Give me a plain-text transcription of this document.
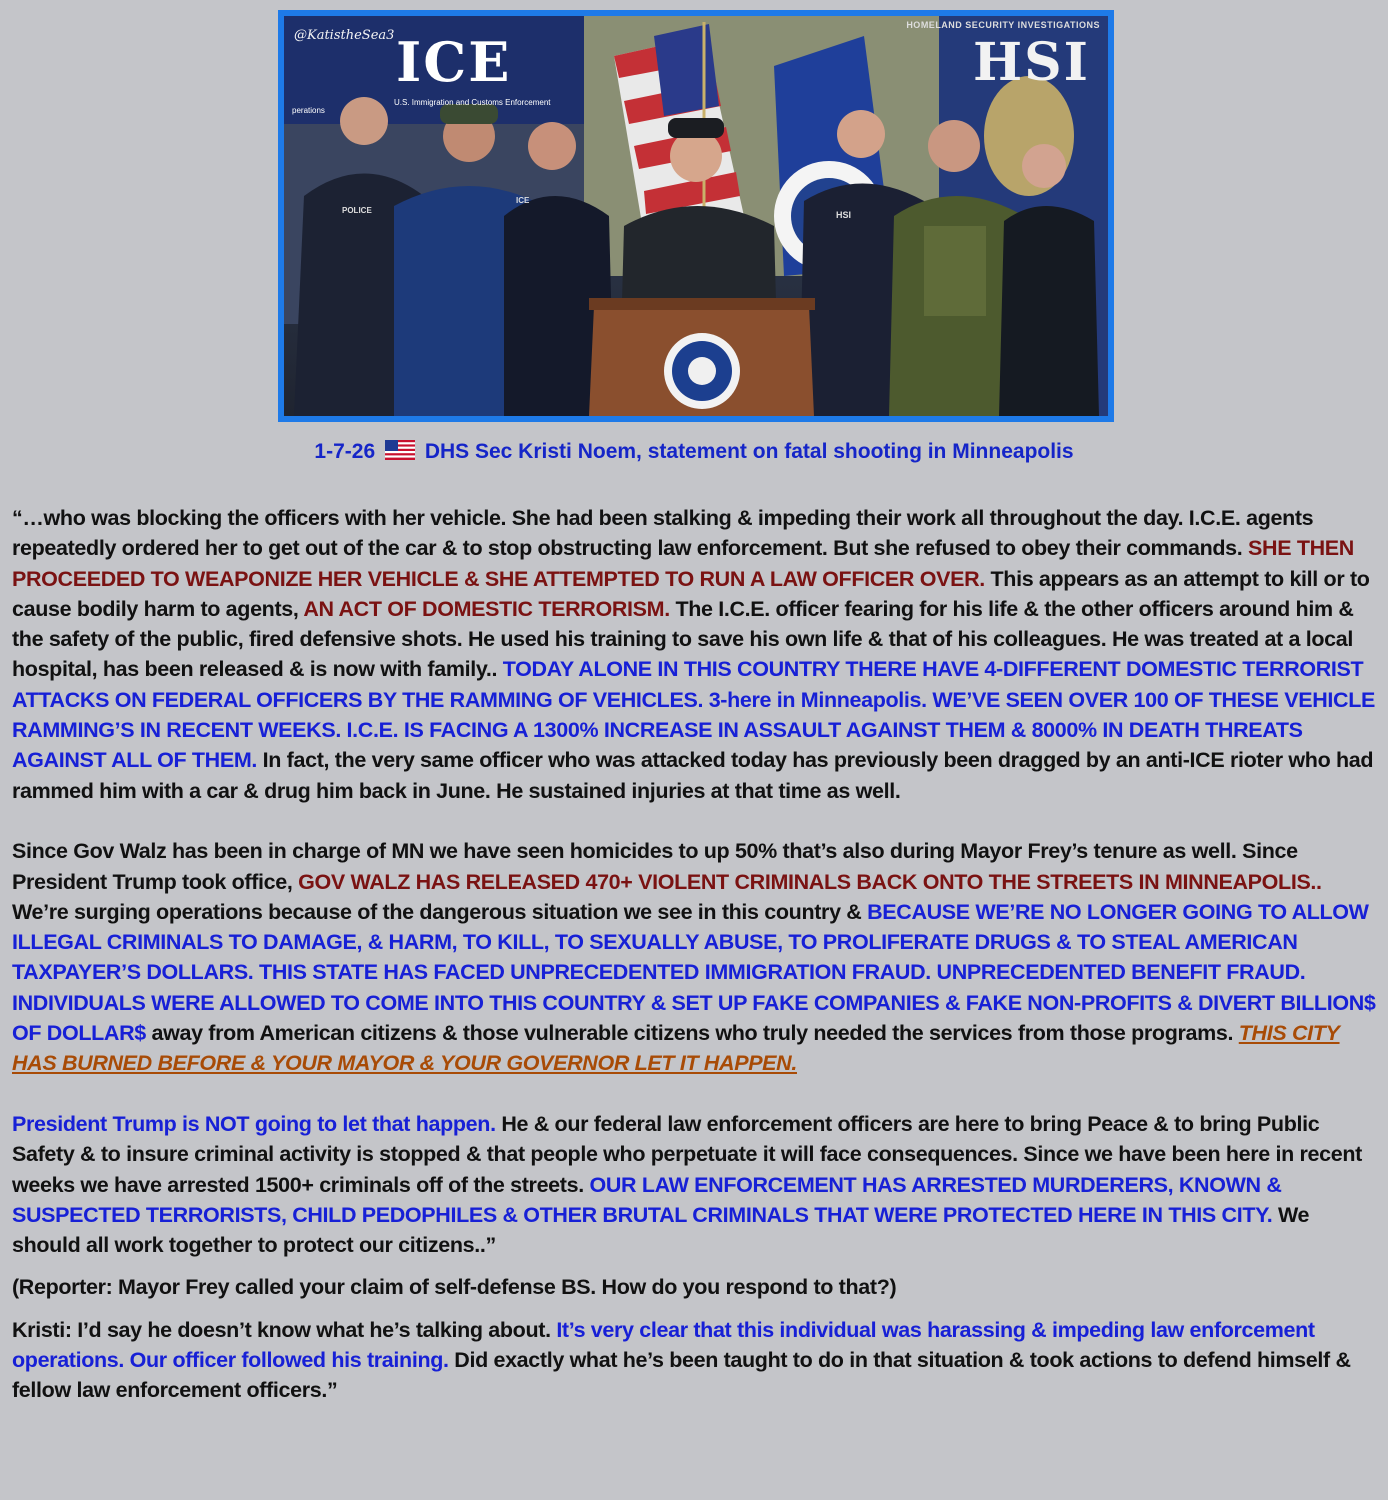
ICE
U.S. Immigration and Customs Enforcement
perations
HOMELAND SECURITY INVESTIGATIONS
HSI
@KatistheSea3
POLICE
ICE
HSI
1-7-26 DHS Sec Kristi Noem, statement on fatal shooting in Minneapolis

“…who was blocking the officers with her vehicle. She had been stalking & impeding their work all throughout the day. I.C.E. agents repeatedly ordered her to get out of the car & to stop obstructing law enforcement. But she refused to obey their commands. SHE THEN PROCEEDED TO WEAPONIZE HER VEHICLE & SHE ATTEMPTED TO RUN A LAW OFFICER OVER. This appears as an attempt to kill or to cause bodily harm to agents, AN ACT OF DOMESTIC TERRORISM. The I.C.E. officer fearing for his life & the other officers around him & the safety of the public, fired defensive shots. He used his training to save his own life & that of his colleagues. He was treated at a local hospital, has been released & is now with family.. TODAY ALONE IN THIS COUNTRY THERE HAVE 4-DIFFERENT DOMESTIC TERRORIST ATTACKS ON FEDERAL OFFICERS BY THE RAMMING OF VEHICLES. 3-here in Minneapolis. WE’VE SEEN OVER 100 OF THESE VEHICLE RAMMING’S IN RECENT WEEKS. I.C.E. IS FACING A 1300% INCREASE IN ASSAULT AGAINST THEM & 8000% IN DEATH THREATS AGAINST ALL OF THEM. In fact, the very same officer who was attacked today has previously been dragged by an anti-ICE rioter who had rammed him with a car & drug him back in June. He sustained injuries at that time as well.

Since Gov Walz has been in charge of MN we have seen homicides to up 50% that’s also during Mayor Frey’s tenure as well. Since President Trump took office, GOV WALZ HAS RELEASED 470+ VIOLENT CRIMINALS BACK ONTO THE STREETS IN MINNEAPOLIS.. We’re surging operations because of the dangerous situation we see in this country & BECAUSE WE’RE NO LONGER GOING TO ALLOW ILLEGAL CRIMINALS TO DAMAGE, & HARM, TO KILL, TO SEXUALLY ABUSE, TO PROLIFERATE DRUGS & TO STEAL AMERICAN TAXPAYER’S DOLLARS. THIS STATE HAS FACED UNPRECEDENTED IMMIGRATION FRAUD. UNPRECEDENTED BENEFIT FRAUD. INDIVIDUALS WERE ALLOWED TO COME INTO THIS COUNTRY & SET UP FAKE COMPANIES & FAKE NON-PROFITS & DIVERT BILLION$ OF DOLLAR$ away from American citizens & those vulnerable citizens who truly needed the services from those programs. THIS CITY HAS BURNED BEFORE & YOUR MAYOR & YOUR GOVERNOR LET IT HAPPEN.

President Trump is NOT going to let that happen. He & our federal law enforcement officers are here to bring Peace & to bring Public Safety & to insure criminal activity is stopped & that people who perpetuate it will face consequences. Since we have been here in recent weeks we have arrested 1500+ criminals off of the streets. OUR LAW ENFORCEMENT HAS ARRESTED MURDERERS, KNOWN & SUSPECTED TERRORISTS, CHILD PEDOPHILES & OTHER BRUTAL CRIMINALS THAT WERE PROTECTED HERE IN THIS CITY. We should all work together to protect our citizens..”

(Reporter: Mayor Frey called your claim of self-defense BS. How do you respond to that?)

Kristi: I’d say he doesn’t know what he’s talking about. It’s very clear that this individual was harassing & impeding law enforcement operations. Our officer followed his training. Did exactly what he’s been taught to do in that situation & took actions to defend himself & fellow law enforcement officers.”
